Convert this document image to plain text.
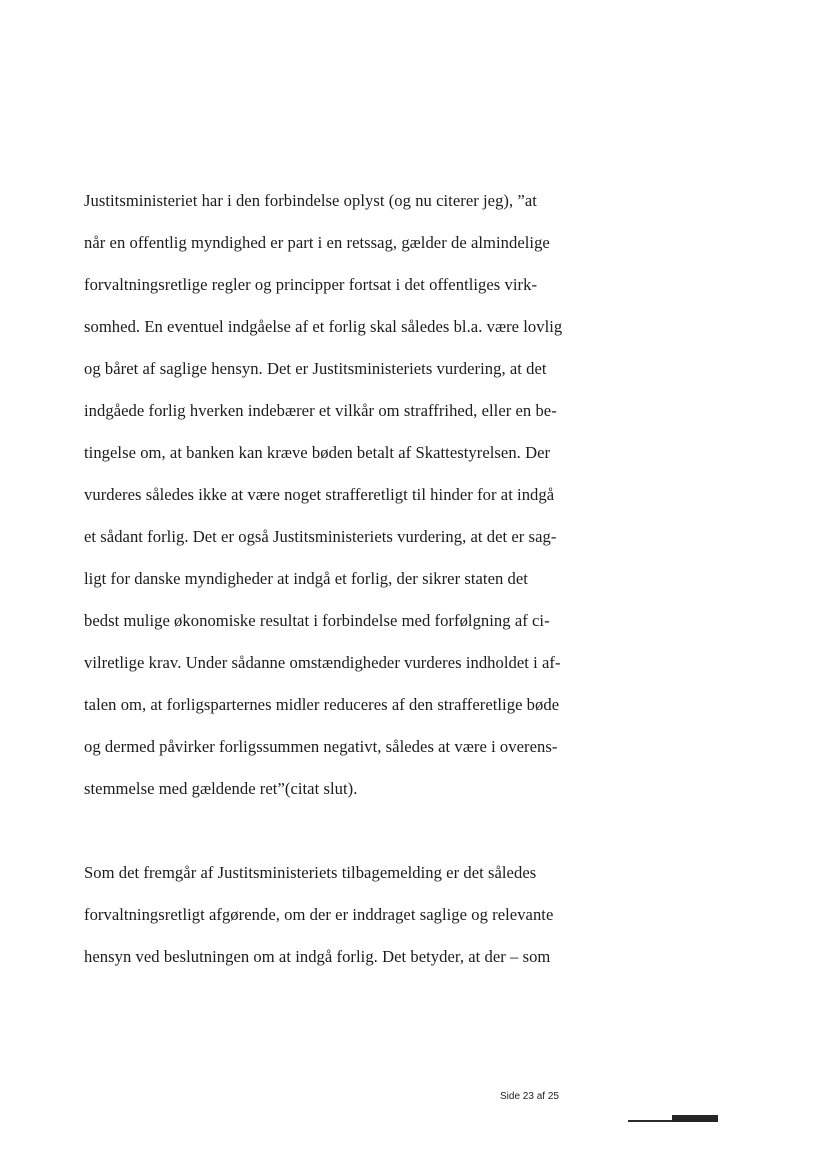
Justitsministeriet har i den forbindelse oplyst (og nu citerer jeg), ”at
når en offentlig myndighed er part i en retssag, gælder de almindelige
forvaltningsretlige regler og principper fortsat i det offentliges virk-
somhed. En eventuel indgåelse af et forlig skal således bl.a. være lovlig
og båret af saglige hensyn. Det er Justitsministeriets vurdering, at det
indgåede forlig hverken indebærer et vilkår om straffrihed, eller en be-
tingelse om, at banken kan kræve bøden betalt af Skattestyrelsen. Der
vurderes således ikke at være noget strafferetligt til hinder for at indgå
et sådant forlig. Det er også Justitsministeriets vurdering, at det er sag-
ligt for danske myndigheder at indgå et forlig, der sikrer staten det
bedst mulige økonomiske resultat i forbindelse med forfølgning af ci-
vilretlige krav. Under sådanne omstændigheder vurderes indholdet i af-
talen om, at forligsparternes midler reduceres af den strafferetlige bøde
og dermed påvirker forligssummen negativt, således at være i overens-
stemmelse med gældende ret”(citat slut).
Som det fremgår af Justitsministeriets tilbagemelding er det således
forvaltningsretligt afgørende, om der er inddraget saglige og relevante
hensyn ved beslutningen om at indgå forlig. Det betyder, at der – som
Side 23 af 25
